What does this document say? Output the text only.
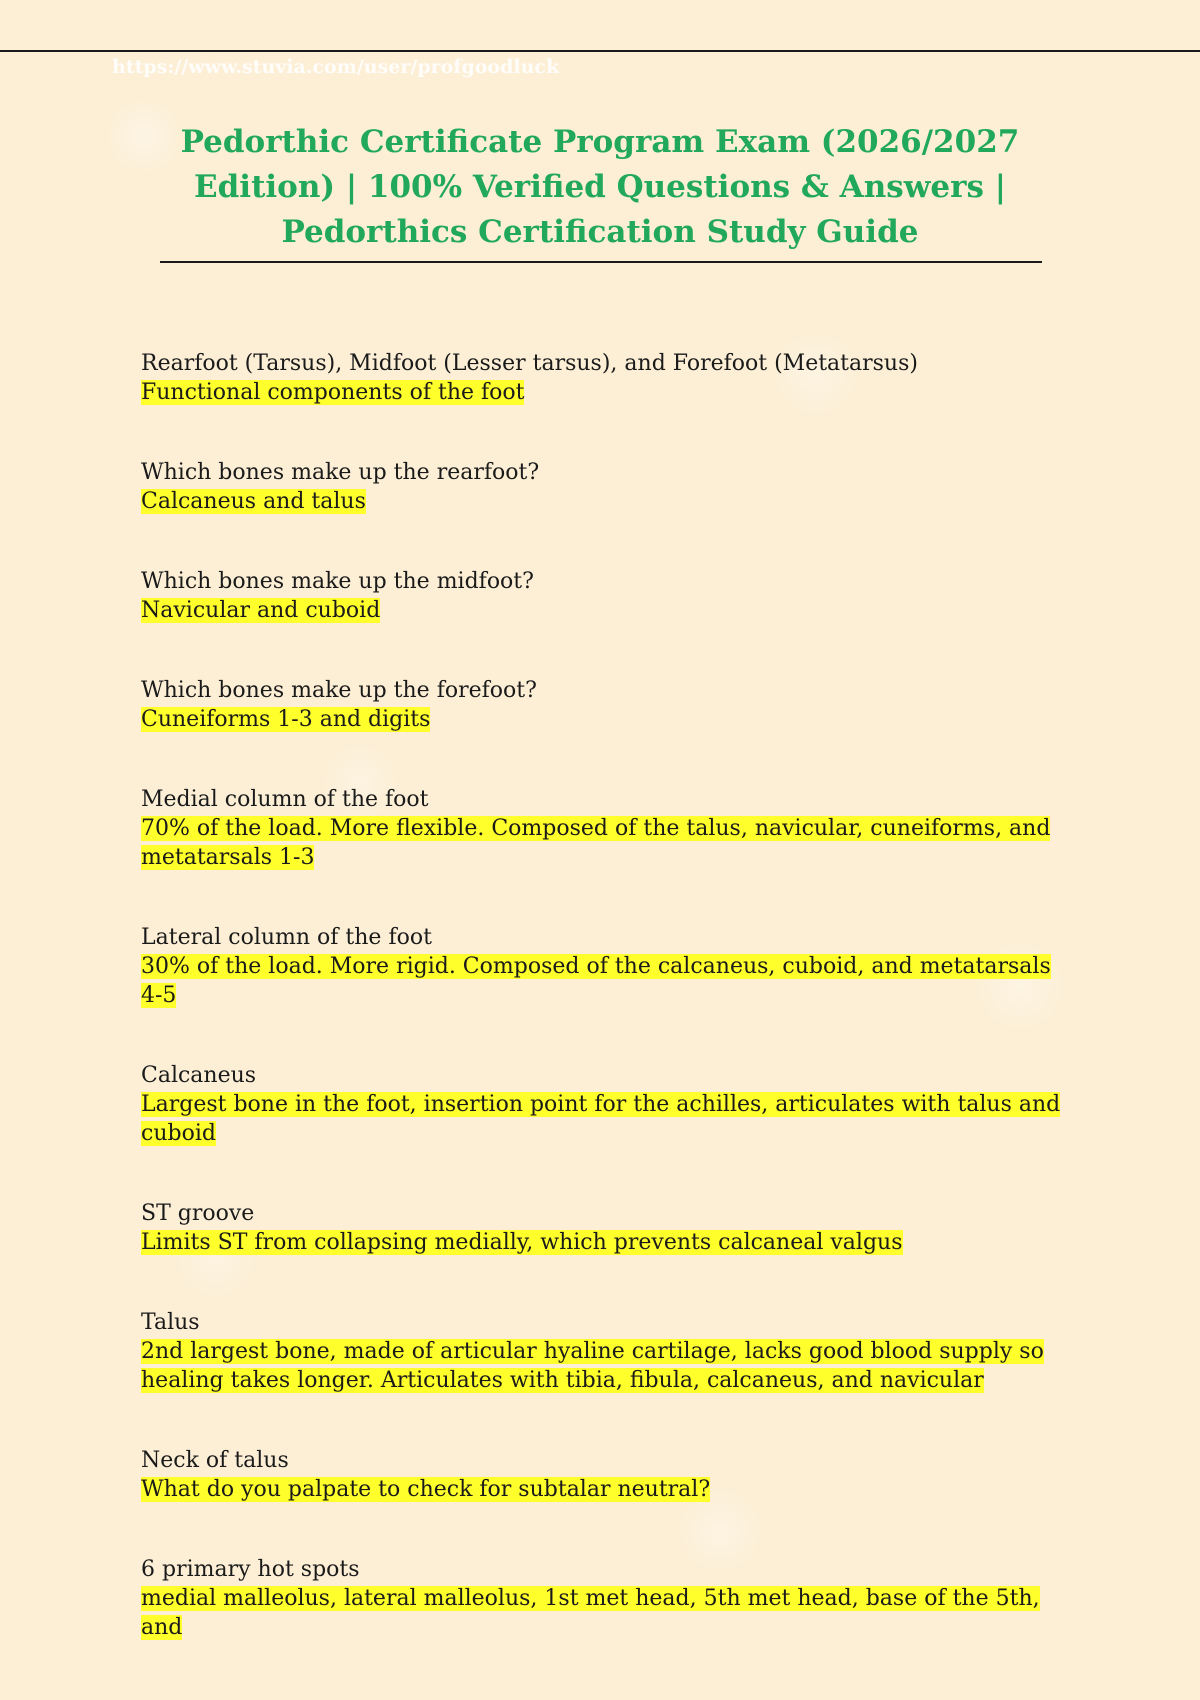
https://www.stuvia.com/user/profgoodluck
Pedorthic Certificate Program Exam (2026/2027 Edition) | 100% Verified Questions & Answers | Pedorthics Certification Study Guide
Rearfoot (Tarsus), Midfoot (Lesser tarsus), and Forefoot (Metatarsus)
Functional components of the foot
Which bones make up the rearfoot?
Calcaneus and talus
Which bones make up the midfoot?
Navicular and cuboid
Which bones make up the forefoot?
Cuneiforms 1-3 and digits
Medial column of the foot
70% of the load. More flexible. Composed of the talus, navicular, cuneiforms, and metatarsals 1-3
Lateral column of the foot
30% of the load. More rigid. Composed of the calcaneus, cuboid, and metatarsals 4-5
Calcaneus
Largest bone in the foot, insertion point for the achilles, articulates with talus and cuboid
ST groove
Limits ST from collapsing medially, which prevents calcaneal valgus
Talus
2nd largest bone, made of articular hyaline cartilage, lacks good blood supply so healing takes longer. Articulates with tibia, fibula, calcaneus, and navicular
Neck of talus
What do you palpate to check for subtalar neutral?
6 primary hot spots
medial malleolus, lateral malleolus, 1st met head, 5th met head, base of the 5th, and
